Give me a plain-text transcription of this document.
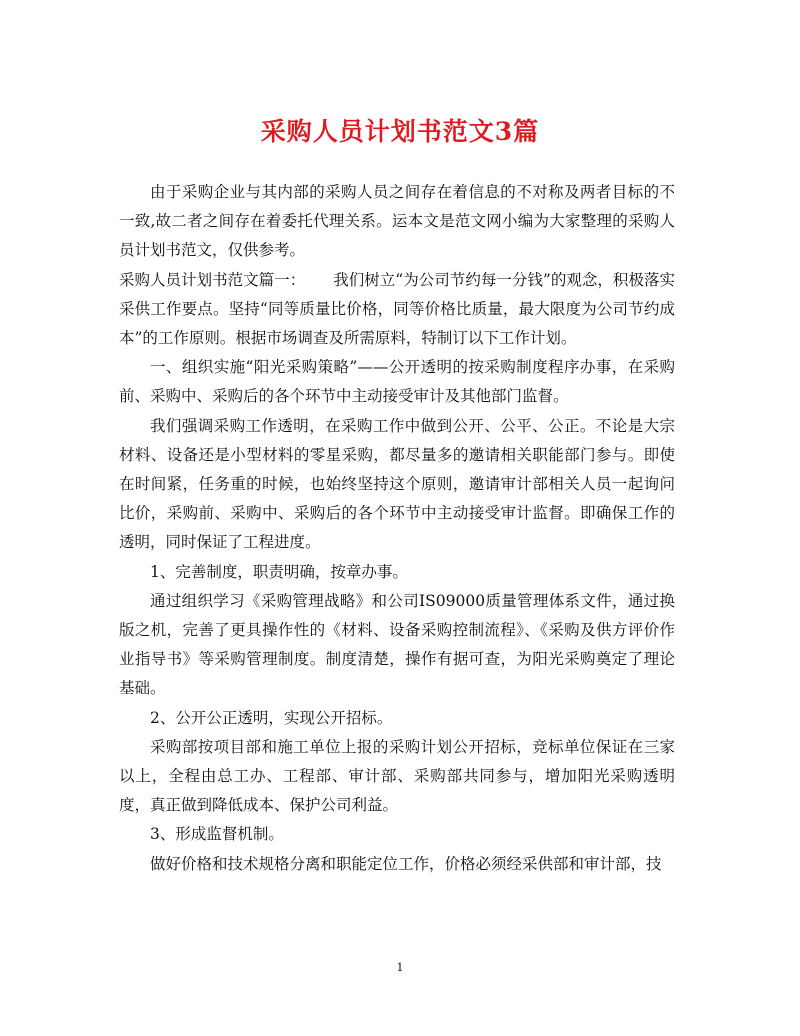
采购人员计划书范文3篇

由于采购企业与其内部的采购人员之间存在着信息的不对称及两者目标的不一致,故二者之间存在着委托代理关系。运本文是范文网小编为大家整理的采购人员计划书范文，仅供参考。

采购人员计划书范文篇一： 我们树立“为公司节约每一分钱”的观念，积极落实采供工作要点。坚持“同等质量比价格，同等价格比质量，最大限度为公司节约成本”的工作原则。根据市场调查及所需原料，特制订以下工作计划。

一、组织实施“阳光采购策略”——公开透明的按采购制度程序办事，在采购前、采购中、采购后的各个环节中主动接受审计及其他部门监督。

我们强调采购工作透明，在采购工作中做到公开、公平、公正。不论是大宗材料、设备还是小型材料的零星采购，都尽量多的邀请相关职能部门参与。即使在时间紧，任务重的时候，也始终坚持这个原则，邀请审计部相关人员一起询问比价，采购前、采购中、采购后的各个环节中主动接受审计监督。即确保工作的透明，同时保证了工程进度。

1、完善制度，职责明确，按章办事。

通过组织学习《采购管理战略》和公司IS09000质量管理体系文件，通过换版之机，完善了更具操作性的《材料、设备采购控制流程》、《采购及供方评价作业指导书》等采购管理制度。制度清楚，操作有据可查，为阳光采购奠定了理论基础。

2、公开公正透明，实现公开招标。

采购部按项目部和施工单位上报的采购计划公开招标，竞标单位保证在三家以上，全程由总工办、工程部、审计部、采购部共同参与，增加阳光采购透明度，真正做到降低成本、保护公司利益。

3、形成监督机制。

做好价格和技术规格分离和职能定位工作，价格必须经采供部和审计部，技

1
